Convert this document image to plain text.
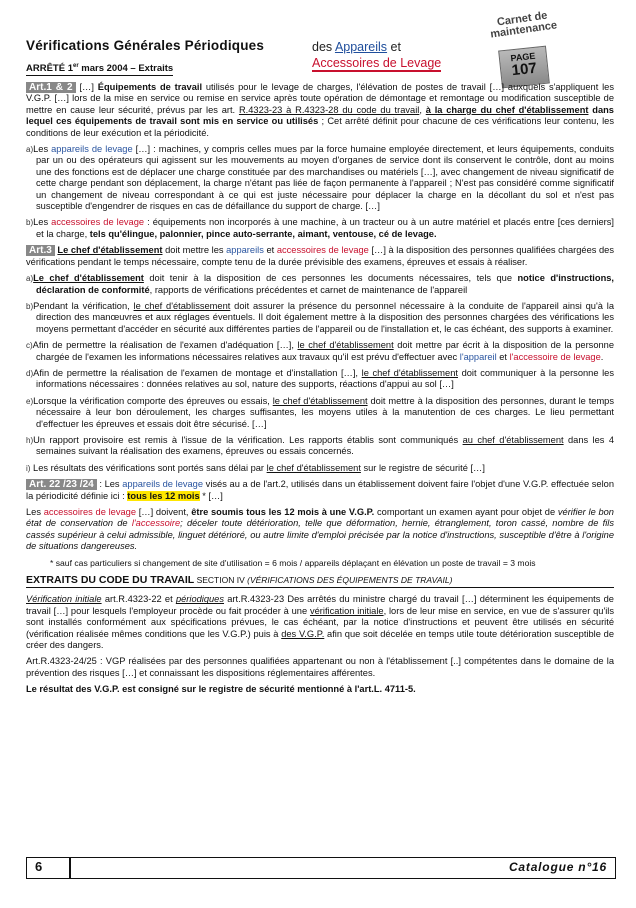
Vérifications Générales Périodiques
ARRÊTÉ 1er mars 2004 – Extraits
des Appareils et
Accessoires de Levage
Carnet de maintenance
PAGE
107

Art.1 & 2 […] Équipements de travail utilisés pour le levage de charges, l'élévation de postes de travail […] auxquels s'appliquent les V.G.P. […] lors de la mise en service ou remise en service après toute opération de démontage et remontage ou modification susceptible de mettre en cause leur sécurité, prévus par les art. R.4323-23 à R.4323-28 du code du travail, à la charge du chef d'établissement dans lequel ces équipements de travail sont mis en service ou utilisés ; Cet arrêté définit pour chacune de ces vérifications leur contenu, les conditions de leur exécution et la périodicité.

a)Les appareils de levage […] : machines, y compris celles mues par la force humaine employée directement, et leurs équipements, conduits par un ou des opérateurs qui agissent sur les mouvements au moyen d'organes de service dont ils conservent le contrôle, dont au moins une des fonctions est de déplacer une charge constituée par des marchandises ou matériels […], avec changement de niveau significatif de cette charge pendant son déplacement, la charge n'étant pas liée de façon permanente à l'appareil ; N'est pas considéré comme significatif un changement de niveau correspondant à ce qui est juste nécessaire pour déplacer la charge en la décollant du sol et n'est pas susceptible d'engendrer de risques en cas de défaillance du support de charge. […]

b)Les accessoires de levage : équipements non incorporés à une machine, à un tracteur ou à un autre matériel et placés entre [ces derniers] et la charge, tels qu'élingue, palonnier, pince auto-serrante, aimant, ventouse, cé de levage.

Art.3 Le chef d'établissement doit mettre les appareils et accessoires de levage […] à la disposition des personnes qualifiées chargées des vérifications pendant le temps nécessaire, compte tenu de la durée prévisible des examens, épreuves et essais à réaliser.

a)Le chef d'établissement doit tenir à la disposition de ces personnes les documents nécessaires, tels que notice d'instructions, déclaration de conformité, rapports de vérifications précédentes et carnet de maintenance de l'appareil

b)Pendant la vérification, le chef d'établissement doit assurer la présence du personnel nécessaire à la conduite de l'appareil ainsi qu'à la direction des manœuvres et aux réglages éventuels. Il doit également mettre à la disposition des personnes chargées des vérifications les moyens permettant d'accéder en sécurité aux différentes parties de l'appareil ou de l'installation et, le cas échéant, des supports à examiner.

c)Afin de permettre la réalisation de l'examen d'adéquation […], le chef d'établissement doit mettre par écrit à la disposition de la personne chargée de l'examen les informations nécessaires relatives aux travaux qu'il est prévu d'effectuer avec l'appareil et l'accessoire de levage.

d)Afin de permettre la réalisation de l'examen de montage et d'installation […], le chef d'établissement doit communiquer à la personne les informations nécessaires : données relatives au sol, nature des supports, réactions d'appui au sol […]

e)Lorsque la vérification comporte des épreuves ou essais, le chef d'établissement doit mettre à la disposition des personnes, durant le temps nécessaire à leur bon déroulement, les charges suffisantes, les moyens utiles à la manutention de ces charges. Le lieu permettant d'effectuer les épreuves et essais doit être sécurisé. […]

h)Un rapport provisoire est remis à l'issue de la vérification. Les rapports établis sont communiqués au chef d'établissement dans les 4 semaines suivant la réalisation des examens, épreuves ou essais concernés.

i) Les résultats des vérifications sont portés sans délai par le chef d'établissement sur le registre de sécurité […]

Art. 22 /23 /24 : Les appareils de levage visés au a de l'art.2, utilisés dans un établissement doivent faire l'objet d'une V.G.P. effectuée selon la périodicité définie ici : tous les 12 mois * […]

Les accessoires de levage […] doivent, être soumis tous les 12 mois à une V.G.P. comportant un examen ayant pour objet de vérifier le bon état de conservation de l'accessoire; déceler toute détérioration, telle que déformation, hernie, étranglement, toron cassé, nombre de fils cassés supérieur à celui admissible, linguet détérioré, ou autre limite d'emploi précisée par la notice d'instructions, susceptible d'être à l'origine de situations dangereuses.

* sauf cas particuliers si changement de site d'utilisation = 6 mois / appareils déplaçant en élévation un poste de travail = 3 mois

EXTRAITS DU CODE DU TRAVAIL SECTION IV (VÉRIFICATIONS DES ÉQUIPEMENTS DE TRAVAIL)

Vérification initiale art.R.4323-22 et périodiques art.R.4323-23 Des arrêtés du ministre chargé du travail […] déterminent les équipements de travail […] pour lesquels l'employeur procède ou fait procéder à une vérification initiale, lors de leur mise en service, en vue de s'assurer qu'ils sont installés conformément aux spécifications prévues, le cas échéant, par la notice d'instructions et peuvent être utilisés en sécurité (vérification réalisée mêmes conditions que les V.G.P.) puis à des V.G.P. afin que soit décelée en temps utile toute détérioration susceptible de créer des dangers.

Art.R.4323-24/25 : VGP réalisées par des personnes qualifiées appartenant ou non à l'établissement [..] compétentes dans le domaine de la prévention des risques […] et connaissant les dispositions réglementaires afférentes.

Le résultat des V.G.P. est consigné sur le registre de sécurité mentionné à l'art.L. 4711-5.

6	Catalogue n°16
